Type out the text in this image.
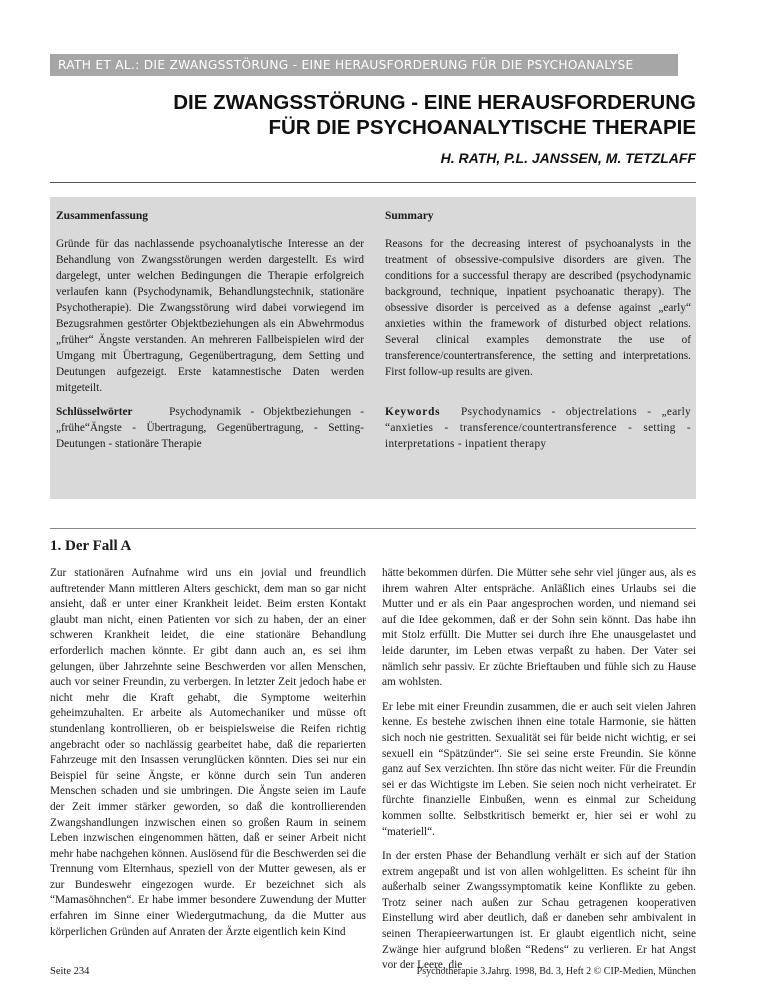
RATH ET AL.: DIE ZWANGSSTÖRUNG - EINE HERAUSFORDERUNG FÜR DIE PSYCHOANALYSE
DIE ZWANGSSTÖRUNG - EINE HERAUSFORDERUNG
FÜR DIE PSYCHOANALYTISCHE THERAPIE
H. RATH, P.L. JANSSEN, M. TETZLAFF
Zusammenfassung
Gründe für das nachlassende psychoanalytische Interesse an der Behandlung von Zwangsstörungen werden dargestellt. Es wird dargelegt, unter welchen Bedingungen die Therapie erfolgreich verlaufen kann (Psychodynamik, Behandlungstechnik, stationäre Psychotherapie). Die Zwangsstörung wird dabei vorwiegend im Bezugsrahmen gestörter Objektbeziehungen als ein Abwehrmodus „früher“ Ängste verstanden. An mehreren Fallbeispielen wird der Umgang mit Übertragung, Gegenübertragung, dem Setting und Deutungen aufgezeigt. Erste katamnestische Daten werden mitgeteilt.
Schlüsselwörter	Psychodynamik - Objektbeziehungen - „frühe“Ängste - Übertragung, Gegenübertragung, - Setting-Deutungen - stationäre Therapie
Summary
Reasons for the decreasing interest of psychoanalysts in the treatment of obsessive-compulsive disorders are given. The conditions for a successful therapy are described (psychodynamic background, technique, inpatient psychoanatic therapy). The obsessive disorder is perceived as a defense against „early“ anxieties within the framework of disturbed object relations. Several clinical examples demonstrate the use of transference/countertransference, the setting and interpretations. First follow-up results are given.
Keywords Psychodynamics - objectrelations - „early “anxieties - transference/countertransference - setting - interpretations - inpatient therapy
1. Der Fall A

Zur stationären Aufnahme wird uns ein jovial und freundlich auftretender Mann mittleren Alters geschickt, dem man so gar nicht ansieht, daß er unter einer Krankheit leidet. Beim ersten Kontakt glaubt man nicht, einen Patienten vor sich zu haben, der an einer schweren Krankheit leidet, die eine stationäre Behandlung erforderlich machen könnte. Er gibt dann auch an, es sei ihm gelungen, über Jahrzehnte seine Beschwerden vor allen Menschen, auch vor seiner Freundin, zu verbergen. In letzter Zeit jedoch habe er nicht mehr die Kraft gehabt, die Symptome weiterhin geheimzuhalten. Er arbeite als Automechaniker und müsse oft stundenlang kontrollieren, ob er beispielsweise die Reifen richtig angebracht oder so nachlässig gearbeitet habe, daß die reparierten Fahrzeuge mit den Insassen verunglücken könnten. Dies sei nur ein Beispiel für seine Ängste, er könne durch sein Tun anderen Menschen schaden und sie umbringen. Die Ängste seien im Laufe der Zeit immer stärker geworden, so daß die kontrollierenden Zwangshandlungen inzwischen einen so großen Raum in seinem Leben inzwischen eingenommen hätten, daß er seiner Arbeit nicht mehr habe nachgehen können. Auslösend für die Beschwerden sei die Trennung vom Elternhaus, speziell von der Mutter gewesen, als er zur Bundeswehr eingezogen wurde. Er bezeichnet sich als “Mamasöhnchen“. Er habe immer besondere Zuwendung der Mutter erfahren im Sinne einer Wiedergutmachung, da die Mutter aus körperlichen Gründen auf Anraten der Ärzte eigentlich kein Kind

hätte bekommen dürfen. Die Mütter sehe sehr viel jünger aus, als es ihrem wahren Alter entspräche. Anläßlich eines Urlaubs sei die Mutter und er als ein Paar angesprochen worden, und niemand sei auf die Idee gekommen, daß er der Sohn sein könnt. Das habe ihn mit Stolz erfüllt. Die Mutter sei durch ihre Ehe unausgelastet und leide darunter, im Leben etwas verpaßt zu haben. Der Vater sei nämlich sehr passiv. Er züchte Brieftauben und fühle sich zu Hause am wohlsten.

Er lebe mit einer Freundin zusammen, die er auch seit vielen Jahren kenne. Es bestehe zwischen ihnen eine totale Harmonie, sie hätten sich noch nie gestritten. Sexualität sei für beide nicht wichtig, er sei sexuell ein “Spätzünder“. Sie sei seine erste Freundin. Sie könne ganz auf Sex verzichten. Ihn störe das nicht weiter. Für die Freundin sei er das Wichtigste im Leben. Sie seien noch nicht verheiratet. Er fürchte finanzielle Einbußen, wenn es einmal zur Scheidung kommen sollte. Selbstkritisch bemerkt er, hier sei er wohl zu “materiell“.

In der ersten Phase der Behandlung verhält er sich auf der Station extrem angepaßt und ist von allen wohlgelitten. Es scheint für ihn außerhalb seiner Zwangssymptomatik keine Konflikte zu geben. Trotz seiner nach außen zur Schau getragenen kooperativen Einstellung wird aber deutlich, daß er daneben sehr ambivalent in seinen Therapieerwartungen ist. Er glaubt eigentlich nicht, seine Zwänge hier aufgrund bloßen “Redens“ zu verlieren. Er hat Angst vor der Leere, die

Seite 234	Psychotherapie 3.Jahrg. 1998, Bd. 3, Heft 2 © CIP-Medien, München
